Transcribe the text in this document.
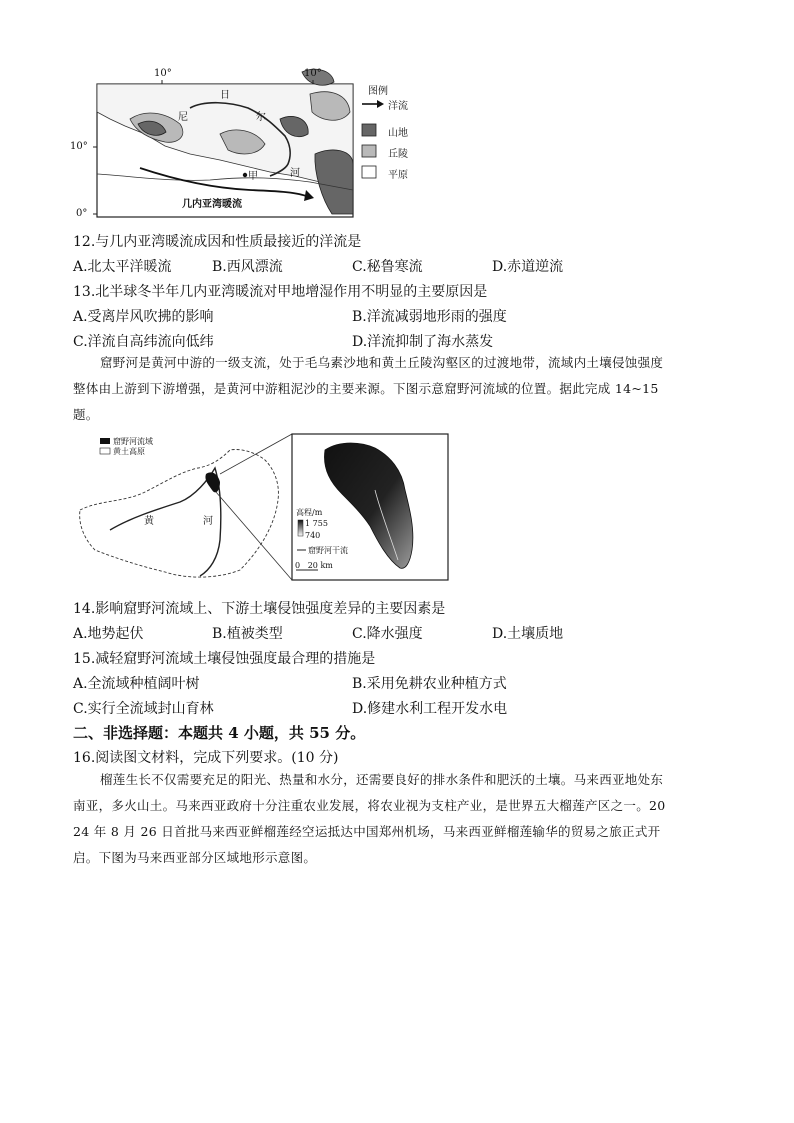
10°	10°
10°
0°
尼
日
尔
河
甲
几内亚湾暖流
图例
洋流
山地
丘陵
平原
12.与几内亚湾暖流成因和性质最接近的洋流是
A.北太平洋暖流	B.西风漂流	C.秘鲁寒流	D.赤道逆流
13.北半球冬半年几内亚湾暖流对甲地增湿作用不明显的主要原因是
A.受离岸风吹拂的影响	B.洋流减弱地形雨的强度
C.洋流自高纬流向低纬	D.洋流抑制了海水蒸发
窟野河是黄河中游的一级支流，处于毛乌素沙地和黄土丘陵沟壑区的过渡地带，流域内土壤侵蚀强度
整体由上游到下游增强，是黄河中游粗泥沙的主要来源。下图示意窟野河流域的位置。据此完成 14~15
题。
窟野河流域
黄土高原
黄	河
高程/m
1 755
740
窟野河干流
0   20 km
14.影响窟野河流域上、下游土壤侵蚀强度差异的主要因素是
A.地势起伏	B.植被类型	C.降水强度	D.土壤质地
15.减轻窟野河流域土壤侵蚀强度最合理的措施是
A.全流域种植阔叶树	B.采用免耕农业种植方式
C.实行全流域封山育林	D.修建水利工程开发水电
二、非选择题：本题共 4 小题，共 55 分。
16.阅读图文材料，完成下列要求。(10 分)
榴莲生长不仅需要充足的阳光、热量和水分，还需要良好的排水条件和肥沃的土壤。马来西亚地处东
南亚，多火山土。马来西亚政府十分注重农业发展，将农业视为支柱产业，是世界五大榴莲产区之一。20
24 年 8 月 26 日首批马来西亚鲜榴莲经空运抵达中国郑州机场，马来西亚鲜榴莲输华的贸易之旅正式开
启。下图为马来西亚部分区域地形示意图。
